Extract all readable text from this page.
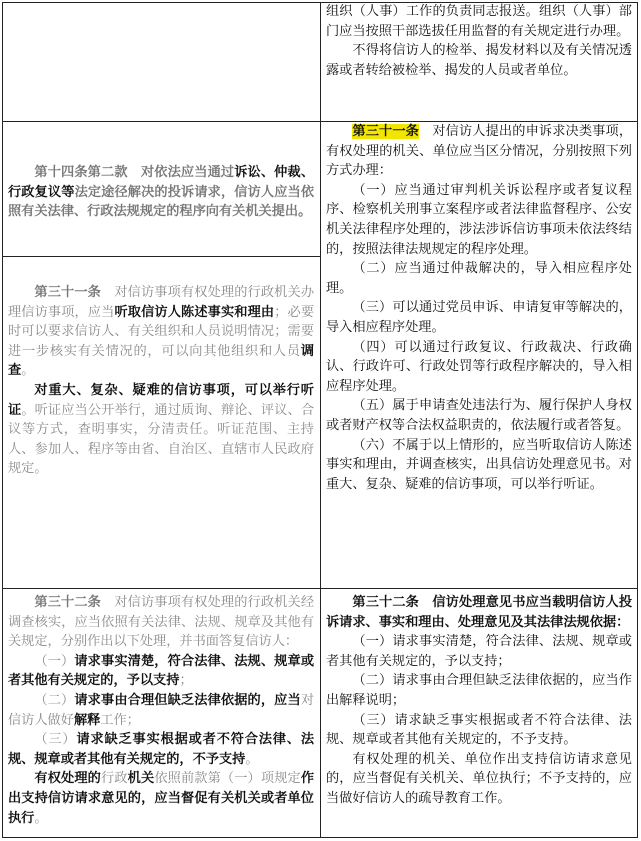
组织（人事）工作的负责同志报送。组织（人事）部门应当按照干部选拔任用监督的有关规定进行办理。

不得将信访人的检举、揭发材料以及有关情况透露或者转给被检举、揭发的人员或者单位。

第十四条第二款  对依法应当通过诉讼、仲裁、行政复议等法定途径解决的投诉请求，信访人应当依照有关法律、行政法规规定的程序向有关机关提出。

第三十一条  对信访事项有权处理的行政机关办理信访事项，应当听取信访人陈述事实和理由；必要时可以要求信访人、有关组织和人员说明情况；需要进一步核实有关情况的，可以向其他组织和人员调查。

对重大、复杂、疑难的信访事项，可以举行听证。听证应当公开举行，通过质询、辩论、评议、合议等方式，查明事实，分清责任。听证范围、主持人、参加人、程序等由省、自治区、直辖市人民政府规定。

第三十一条  对信访人提出的申诉求决类事项，有权处理的机关、单位应当区分情况，分别按照下列方式办理：

（一）应当通过审判机关诉讼程序或者复议程序、检察机关刑事立案程序或者法律监督程序、公安机关法律程序处理的，涉法涉诉信访事项未依法终结的，按照法律法规规定的程序处理。

（二）应当通过仲裁解决的，导入相应程序处理。

（三）可以通过党员申诉、申请复审等解决的，导入相应程序处理。

（四）可以通过行政复议、行政裁决、行政确认、行政许可、行政处罚等行政程序解决的，导入相应程序处理。

（五）属于申请查处违法行为、履行保护人身权或者财产权等合法权益职责的，依法履行或者答复。

（六）不属于以上情形的，应当听取信访人陈述事实和理由，并调查核实，出具信访处理意见书。对重大、复杂、疑难的信访事项，可以举行听证。

第三十二条  对信访事项有权处理的行政机关经调查核实，应当依照有关法律、法规、规章及其他有关规定，分别作出以下处理，并书面答复信访人：

（一）请求事实清楚，符合法律、法规、规章或者其他有关规定的，予以支持；

（二）请求事由合理但缺乏法律依据的，应当对信访人做好解释工作；

（三）请求缺乏事实根据或者不符合法律、法规、规章或者其他有关规定的，不予支持。

有权处理的行政机关依照前款第（一）项规定作出支持信访请求意见的，应当督促有关机关或者单位执行。

第三十二条  信访处理意见书应当载明信访人投诉请求、事实和理由、处理意见及其法律法规依据：

（一）请求事实清楚，符合法律、法规、规章或者其他有关规定的，予以支持；

（二）请求事由合理但缺乏法律依据的，应当作出解释说明；

（三）请求缺乏事实根据或者不符合法律、法规、规章或者其他有关规定的，不予支持。

有权处理的机关、单位作出支持信访请求意见的，应当督促有关机关、单位执行；不予支持的，应当做好信访人的疏导教育工作。
